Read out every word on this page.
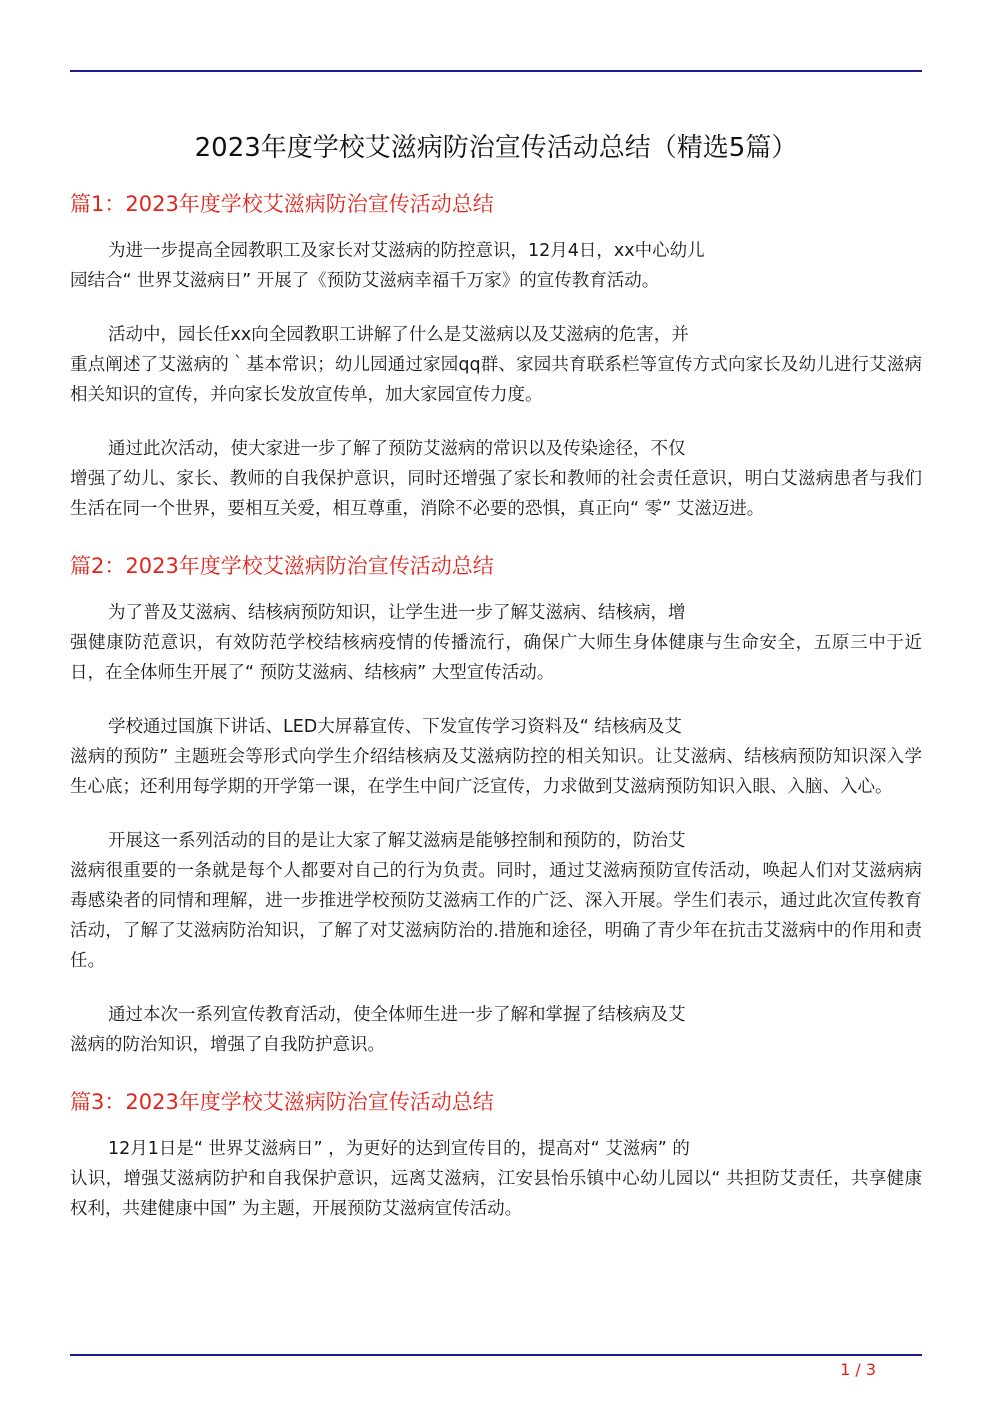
2023年度学校艾滋病防治宣传活动总结（精选5篇）
篇1：2023年度学校艾滋病防治宣传活动总结

为进一步提高全园教职工及家长对艾滋病的防控意识，12月4日，xx中心幼儿
园结合“ 世界艾滋病日” 开展了《预防艾滋病幸福千万家》的宣传教育活动。

活动中，园长任xx向全园教职工讲解了什么是艾滋病以及艾滋病的危害，并
重点阐述了艾滋病的｀基本常识；幼儿园通过家园qq群、家园共育联系栏等宣传方式向家长及幼儿进行艾滋病相关知识的宣传，并向家长发放宣传单，加大家园宣传力度。

通过此次活动，使大家进一步了解了预防艾滋病的常识以及传染途径，不仅
增强了幼儿、家长、教师的自我保护意识，同时还增强了家长和教师的社会责任意识，明白艾滋病患者与我们生活在同一个世界，要相互关爱，相互尊重，消除不必要的恐惧，真正向“ 零” 艾滋迈进。

篇2：2023年度学校艾滋病防治宣传活动总结

为了普及艾滋病、结核病预防知识，让学生进一步了解艾滋病、结核病，增
强健康防范意识，有效防范学校结核病疫情的传播流行，确保广大师生身体健康与生命安全，五原三中于近日，在全体师生开展了“ 预防艾滋病、结核病” 大型宣传活动。

学校通过国旗下讲话、LED大屏幕宣传、下发宣传学习资料及“ 结核病及艾
滋病的预防” 主题班会等形式向学生介绍结核病及艾滋病防控的相关知识。让艾滋病、结核病预防知识深入学生心底；还利用每学期的开学第一课，在学生中间广泛宣传，力求做到艾滋病预防知识入眼、入脑、入心。

开展这一系列活动的目的是让大家了解艾滋病是能够控制和预防的，防治艾
滋病很重要的一条就是每个人都要对自己的行为负责。同时，通过艾滋病预防宣传活动，唤起人们对艾滋病病毒感染者的同情和理解，进一步推进学校预防艾滋病工作的广泛、深入开展。学生们表示，通过此次宣传教育活动，了解了艾滋病防治知识，了解了对艾滋病防治的.措施和途径，明确了青少年在抗击艾滋病中的作用和责任。

通过本次一系列宣传教育活动，使全体师生进一步了解和掌握了结核病及艾
滋病的防治知识，增强了自我防护意识。

篇3：2023年度学校艾滋病防治宣传活动总结

12月1日是“ 世界艾滋病日” ，为更好的达到宣传目的，提高对“ 艾滋病” 的
认识，增强艾滋病防护和自我保护意识，远离艾滋病，江安县怡乐镇中心幼儿园以“ 共担防艾责任，共享健康权利，共建健康中国” 为主题，开展预防艾滋病宣传活动。

1 / 3
